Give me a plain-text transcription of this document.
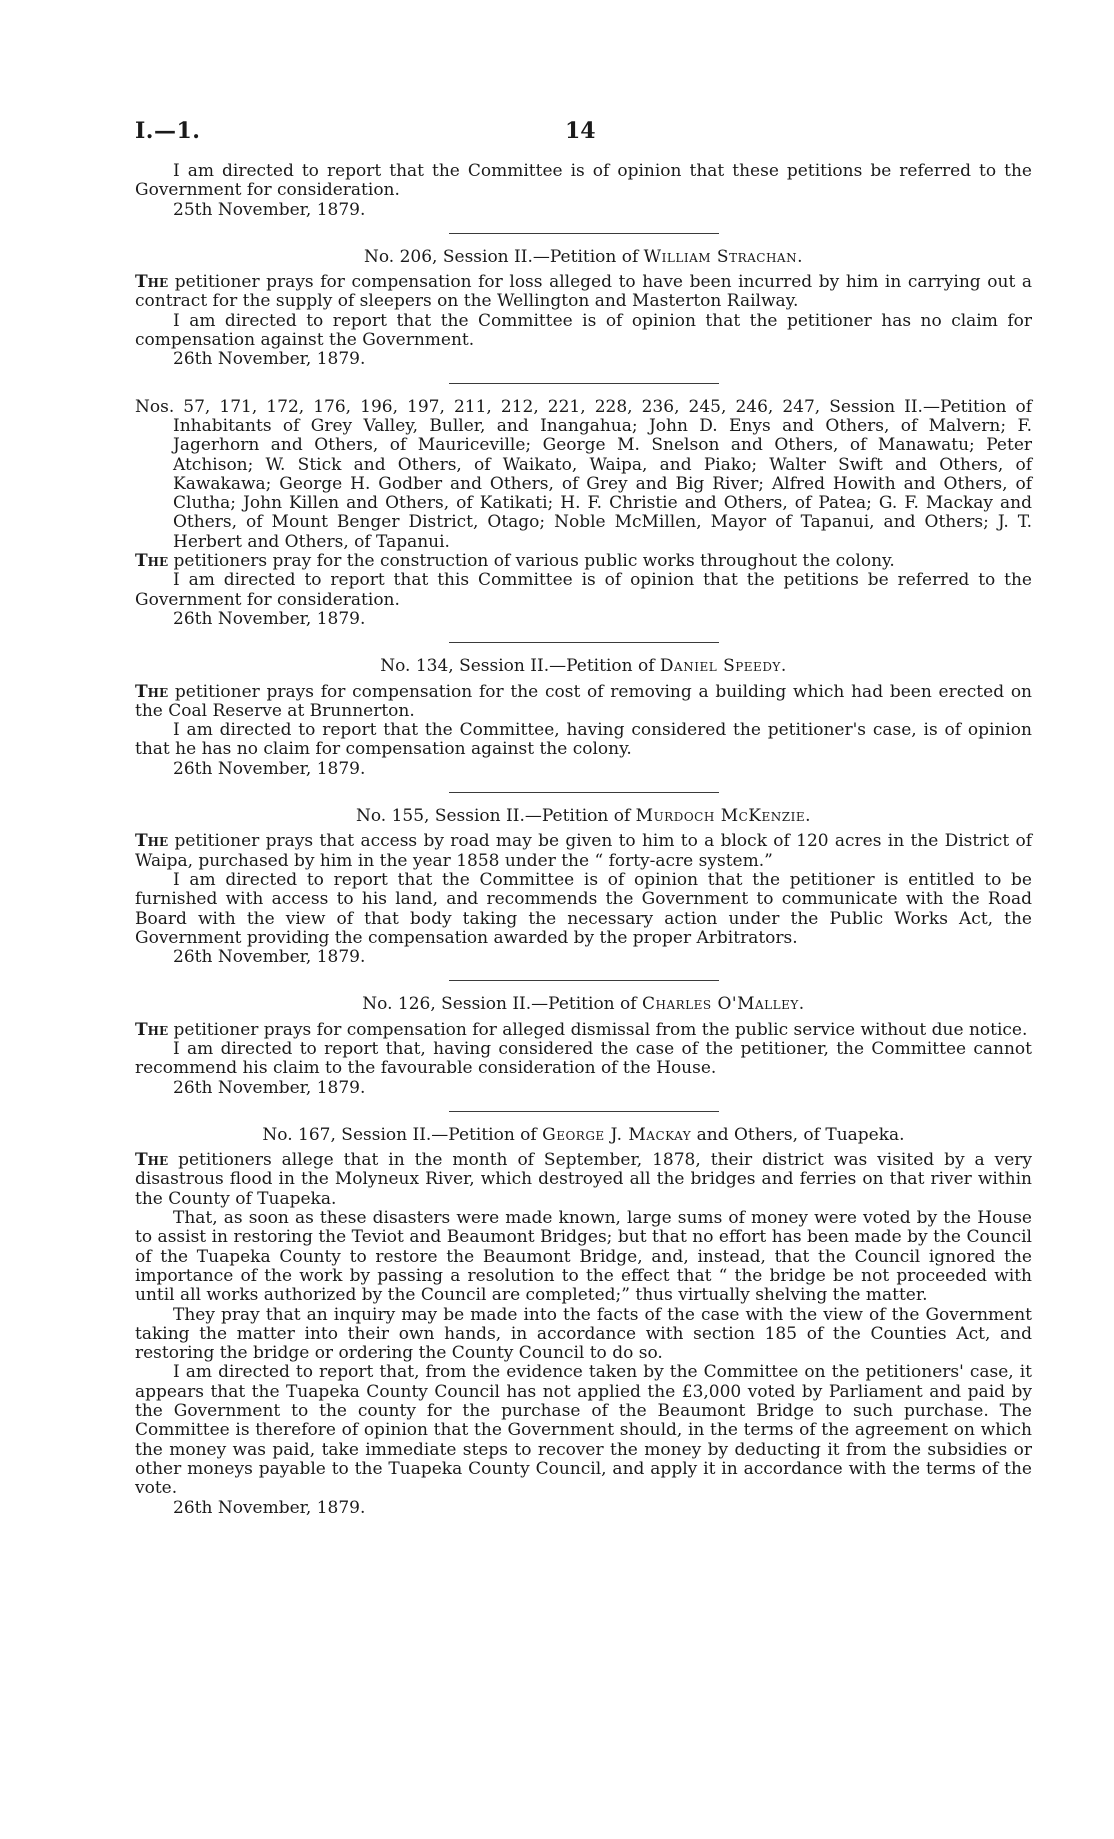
I.—1.	14

I am directed to report that the Committee is of opinion that these petitions be referred to the Government for consideration.

25th November, 1879.

No. 206, Session II.—Petition of William Strachan.

The petitioner prays for compensation for loss alleged to have been incurred by him in carrying out a contract for the supply of sleepers on the Wellington and Masterton Railway.

I am directed to report that the Committee is of opinion that the petitioner has no claim for compensation against the Government.

26th November, 1879.

Nos. 57, 171, 172, 176, 196, 197, 211, 212, 221, 228, 236, 245, 246, 247, Session II.—Petition of Inhabitants of Grey Valley, Buller, and Inangahua; John D. Enys and Others, of Malvern; F. Jagerhorn and Others, of Mauriceville; George M. Snelson and Others, of Manawatu; Peter Atchison; W. Stick and Others, of Waikato, Waipa, and Piako; Walter Swift and Others, of Kawakawa; George H. Godber and Others, of Grey and Big River; Alfred Howith and Others, of Clutha; John Killen and Others, of Katikati; H. F. Christie and Others, of Patea; G. F. Mackay and Others, of Mount Benger District, Otago; Noble McMillen, Mayor of Tapanui, and Others; J. T. Herbert and Others, of Tapanui.

The petitioners pray for the construction of various public works throughout the colony.

I am directed to report that this Committee is of opinion that the petitions be referred to the Government for consideration.

26th November, 1879.

No. 134, Session II.—Petition of Daniel Speedy.

The petitioner prays for compensation for the cost of removing a building which had been erected on the Coal Reserve at Brunnerton.

I am directed to report that the Committee, having considered the petitioner's case, is of opinion that he has no claim for compensation against the colony.

26th November, 1879.

No. 155, Session II.—Petition of Murdoch McKenzie.

The petitioner prays that access by road may be given to him to a block of 120 acres in the District of Waipa, purchased by him in the year 1858 under the “ forty-acre system.”

I am directed to report that the Committee is of opinion that the petitioner is entitled to be furnished with access to his land, and recommends the Government to communicate with the Road Board with the view of that body taking the necessary action under the Public Works Act, the Government providing the compensation awarded by the proper Arbitrators.

26th November, 1879.

No. 126, Session II.—Petition of Charles O'Malley.

The petitioner prays for compensation for alleged dismissal from the public service without due notice.

I am directed to report that, having considered the case of the petitioner, the Committee cannot recommend his claim to the favourable consideration of the House.

26th November, 1879.

No. 167, Session II.—Petition of George J. Mackay and Others, of Tuapeka.

The petitioners allege that in the month of September, 1878, their district was visited by a very disastrous flood in the Molyneux River, which destroyed all the bridges and ferries on that river within the County of Tuapeka.

That, as soon as these disasters were made known, large sums of money were voted by the House to assist in restoring the Teviot and Beaumont Bridges; but that no effort has been made by the Council of the Tuapeka County to restore the Beaumont Bridge, and, instead, that the Council ignored the importance of the work by passing a resolution to the effect that “ the bridge be not proceeded with until all works authorized by the Council are completed;” thus virtually shelving the matter.

They pray that an inquiry may be made into the facts of the case with the view of the Government taking the matter into their own hands, in accordance with section 185 of the Counties Act, and restoring the bridge or ordering the County Council to do so.

I am directed to report that, from the evidence taken by the Committee on the petitioners' case, it appears that the Tuapeka County Council has not applied the £3,000 voted by Parliament and paid by the Government to the county for the purchase of the Beaumont Bridge to such purchase. The Committee is therefore of opinion that the Government should, in the terms of the agreement on which the money was paid, take immediate steps to recover the money by deducting it from the subsidies or other moneys payable to the Tuapeka County Council, and apply it in accordance with the terms of the vote.

26th November, 1879.
